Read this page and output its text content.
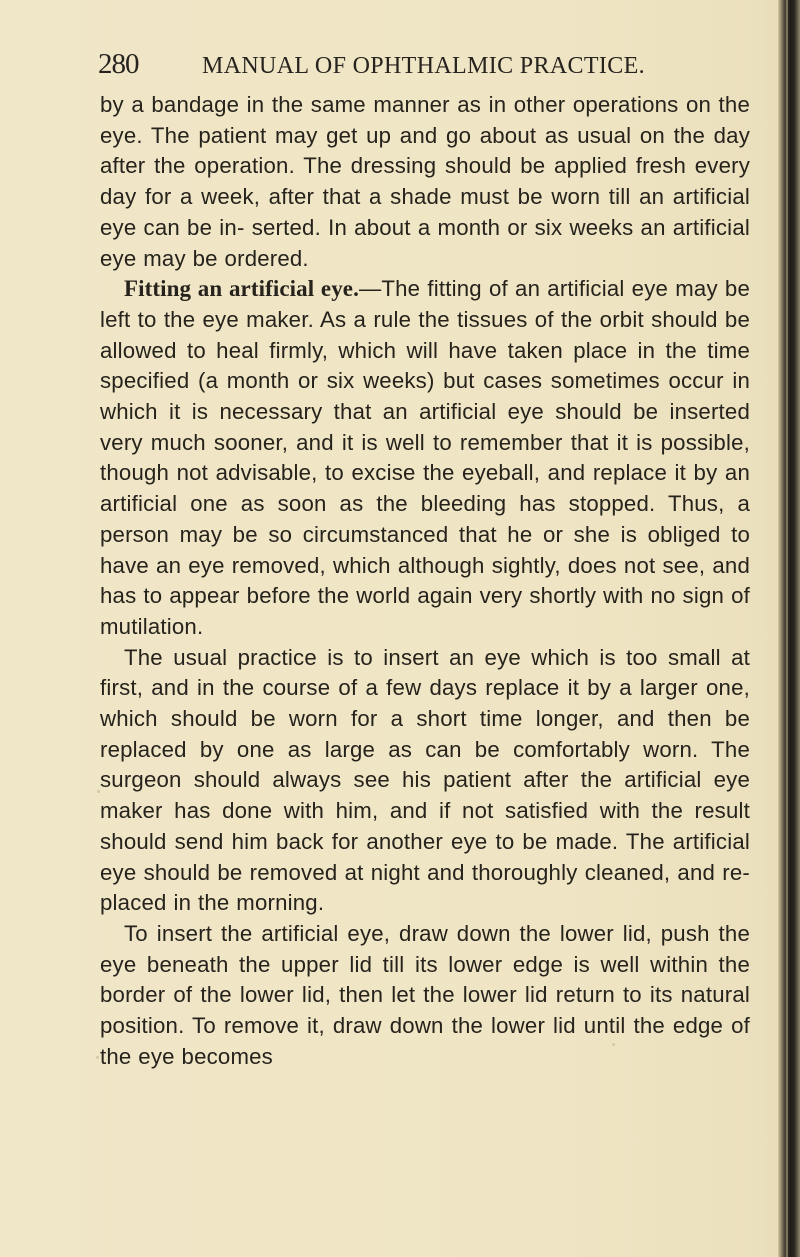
280	MANUAL OF OPHTHALMIC PRACTICE.

by a bandage in the same manner as in other operations on the eye. The patient may get up and go about as usual on the day after the operation. The dressing should be applied fresh every day for a week, after that a shade must be worn till an artificial eye can be in- serted. In about a month or six weeks an artificial eye may be ordered.

Fitting an artificial eye.—The fitting of an artificial eye may be left to the eye maker. As a rule the tissues of the orbit should be allowed to heal firmly, which will have taken place in the time specified (a month or six weeks) but cases sometimes occur in which it is necessary that an artificial eye should be inserted very much sooner, and it is well to remember that it is possible, though not advisable, to excise the eyeball, and replace it by an artificial one as soon as the bleeding has stopped. Thus, a person may be so circumstanced that he or she is obliged to have an eye removed, which although sightly, does not see, and has to appear before the world again very shortly with no sign of mutilation.

The usual practice is to insert an eye which is too small at first, and in the course of a few days replace it by a larger one, which should be worn for a short time longer, and then be replaced by one as large as can be comfortably worn. The surgeon should always see his patient after the artificial eye maker has done with him, and if not satisfied with the result should send him back for another eye to be made. The artificial eye should be removed at night and thoroughly cleaned, and re- placed in the morning.

To insert the artificial eye, draw down the lower lid, push the eye beneath the upper lid till its lower edge is well within the border of the lower lid, then let the lower lid return to its natural position. To remove it, draw down the lower lid until the edge of the eye becomes
